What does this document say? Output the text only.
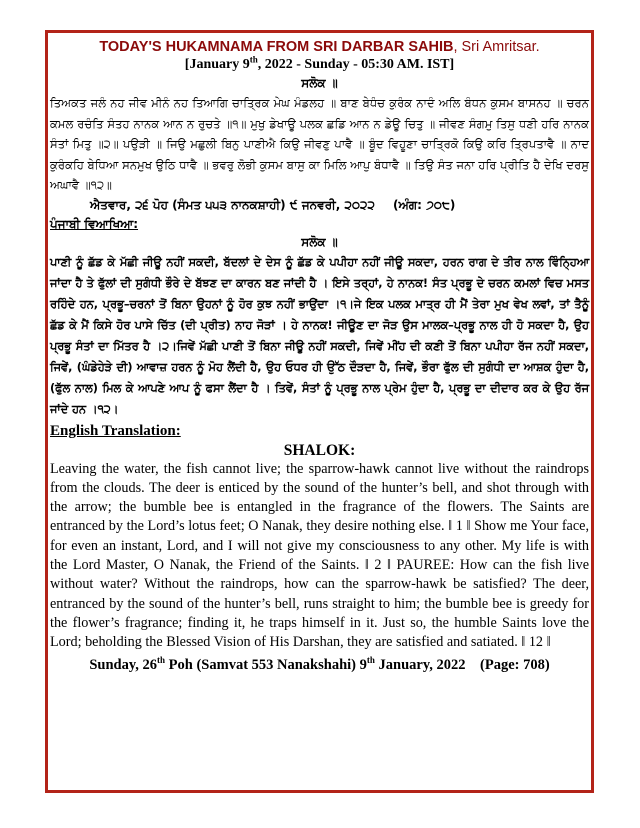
TODAY'S HUKAMNAMA FROM SRI DARBAR SAHIB, Sri Amritsar.
[January 9th, 2022 - Sunday - 05:30 AM. IST]
ਸਲੋਕ ॥
ਤਿਅਕਤ ਜਲੰ ਨਹ ਜੀਵ ਮੀਨੰ ਨਹ ਤਿਆਗਿ ਚਾਤ੍ਰਿਕ ਮੇਘ ਮੰਡਲਹ ॥ ਬਾਣ ਬੇਧੰਚ ਕੁਰੰਕ ਨਾਦੰ ਅਲਿ ਬੰਧਨ ਕੁਸਮ ਬਾਸਨਹ ॥ ਚਰਨ ਕਮਲ ਰਚੰਤਿ ਸੰਤਹ ਨਾਨਕ ਆਨ ਨ ਰੁਚਤੇ ॥੧॥ ਮੁਖੁ ਡੇਖਾਊ ਪਲਕ ਛਡਿ ਆਨ ਨ ਡੇਊ ਚਿਤੁ ॥ ਜੀਵਣ ਸੰਗਮੁ ਤਿਸੁ ਧਣੀ ਹਰਿ ਨਾਨਕ ਸੰਤਾਂ ਮਿਤੁ ॥੨॥ ਪਉੜੀ ॥ ਜਿਉ ਮਛੁਲੀ ਬਿਨੁ ਪਾਣੀਐ ਕਿਉ ਜੀਵਣੁ ਪਾਵੈ ॥ ਬੂੰਦ ਵਿਹੂਣਾ ਚਾਤ੍ਰਿਕੋ ਕਿਉ ਕਰਿ ਤ੍ਰਿਪਤਾਵੈ ॥ ਨਾਦ ਕੁਰੰਕਹਿ ਬੇਧਿਆ ਸਨਮੁਖ ਉਠਿ ਧਾਵੈ ॥ ਭਵਰੁ ਲੋਭੀ ਕੁਸਮ ਬਾਸੁ ਕਾ ਮਿਲਿ ਆਪੁ ਬੰਧਾਵੈ ॥ ਤਿਉ ਸੰਤ ਜਨਾ ਹਰਿ ਪ੍ਰੀਤਿ ਹੈ ਦੇਖਿ ਦਰਸੁ ਅਘਾਵੈ ॥੧੨॥
ਐਤਵਾਰ, ੨੬ ਪੋਹ (ਸੰਮਤ ੫੫੩ ਨਾਨਕਸ਼ਾਹੀ) ੯ ਜਨਵਰੀ, ੨੦੨੨ (ਅੰਗ: ੭੦੮)
ਪੰਜਾਬੀ ਵਿਆਖਿਆ:
ਸਲੋਕ ॥
ਪਾਣੀ ਨੂੰ ਛੱਡ ਕੇ ਮੱਛੀ ਜੀਊ ਨਹੀਂ ਸਕਦੀ, ਬੱਦਲਾਂ ਦੇ ਦੇਸ ਨੂੰ ਛੱਡ ਕੇ ਪਪੀਹਾ ਨਹੀਂ ਜੀਊ ਸਕਦਾ, ਹਰਨ ਰਾਗ ਦੇ ਤੀਰ ਨਾਲ ਵਿੰਨ੍ਹਿਆ ਜਾਂਦਾ ਹੈ ਤੇ ਫੁੱਲਾਂ ਦੀ ਸੁਗੰਧੀ ਭੌਰੇ ਦੇ ਬੱਝਣ ਦਾ ਕਾਰਨ ਬਣ ਜਾਂਦੀ ਹੈ । ਇਸੇ ਤਰ੍ਹਾਂ, ਹੇ ਨਾਨਕ! ਸੰਤ ਪ੍ਰਭੂ ਦੇ ਚਰਨ ਕਮਲਾਂ ਵਿਚ ਮਸਤ ਰਹਿੰਦੇ ਹਨ, ਪ੍ਰਭੂ–ਚਰਨਾਂ ਤੋਂ ਬਿਨਾ ਉਹਨਾਂ ਨੂੰ ਹੋਰ ਕੁਝ ਨਹੀਂ ਭਾਉਂਦਾ ।੧।ਜੇ ਇਕ ਪਲਕ ਮਾਤ੍ਰ ਹੀ ਮੈਂ ਤੇਰਾ ਮੁਖ ਵੇਖ ਲਵਾਂ, ਤਾਂ ਤੈਨੂੰ ਛੱਡ ਕੇ ਮੈਂ ਕਿਸੇ ਹੋਰ ਪਾਸੇ ਚਿੱਤ (ਦੀ ਪ੍ਰੀਤ) ਨਾਹ ਜੋੜਾਂ । ਹੇ ਨਾਨਕ! ਜੀਊਣ ਦਾ ਜੋੜ ਉਸ ਮਾਲਕ–ਪ੍ਰਭੂ ਨਾਲ ਹੀ ਹੋ ਸਕਦਾ ਹੈ, ਉਹ ਪ੍ਰਭੂ ਸੰਤਾਂ ਦਾ ਮਿੱਤਰ ਹੈ ।੨।ਜਿਵੇਂ ਮੱਛੀ ਪਾਣੀ ਤੋਂ ਬਿਨਾ ਜੀਊ ਨਹੀਂ ਸਕਦੀ, ਜਿਵੇਂ ਮੀਂਹ ਦੀ ਕਣੀ ਤੋਂ ਬਿਨਾ ਪਪੀਹਾ ਰੱਜ ਨਹੀਂ ਸਕਦਾ, ਜਿਵੇਂ, (ਘੰਡੇਹੇੜੇ ਦੀ) ਆਵਾਜ਼ ਹਰਨ ਨੂੰ ਮੋਹ ਲੈਂਦੀ ਹੈ, ਉਹ ਓਧਰ ਹੀ ਉੱਠ ਦੌੜਦਾ ਹੈ, ਜਿਵੇਂ, ਭੌਰਾ ਫੁੱਲ ਦੀ ਸੁਗੰਧੀ ਦਾ ਆਸ਼ਕ ਹੁੰਦਾ ਹੈ, (ਫੁੱਲ ਨਾਲ) ਮਿਲ ਕੇ ਆਪਣੇ ਆਪ ਨੂੰ ਫਸਾ ਲੈਂਦਾ ਹੈ । ਤਿਵੇਂ, ਸੰਤਾਂ ਨੂੰ ਪ੍ਰਭੂ ਨਾਲ ਪ੍ਰੇਮ ਹੁੰਦਾ ਹੈ, ਪ੍ਰਭੂ ਦਾ ਦੀਦਾਰ ਕਰ ਕੇ ਉਹ ਰੱਜ ਜਾਂਦੇ ਹਨ ।੧੨।
English Translation:
SHALOK:
Leaving the water, the fish cannot live; the sparrow-hawk cannot live without the raindrops from the clouds. The deer is enticed by the sound of the hunter’s bell, and shot through with the arrow; the bumble bee is entangled in the fragrance of the flowers. The Saints are entranced by the Lord’s lotus feet; O Nanak, they desire nothing else. ‖ 1 ‖ Show me Your face, for even an instant, Lord, and I will not give my consciousness to any other. My life is with the Lord Master, O Nanak, the Friend of the Saints. ‖ 2 ‖ PAUREE: How can the fish live without water? Without the raindrops, how can the sparrow-hawk be satisfied? The deer, entranced by the sound of the hunter’s bell, runs straight to him; the bumble bee is greedy for the flower’s fragrance; finding it, he traps himself in it. Just so, the humble Saints love the Lord; beholding the Blessed Vision of His Darshan, they are satisfied and satiated. ‖ 12 ‖
Sunday, 26th Poh (Samvat 553 Nanakshahi) 9th January, 2022 (Page: 708)
